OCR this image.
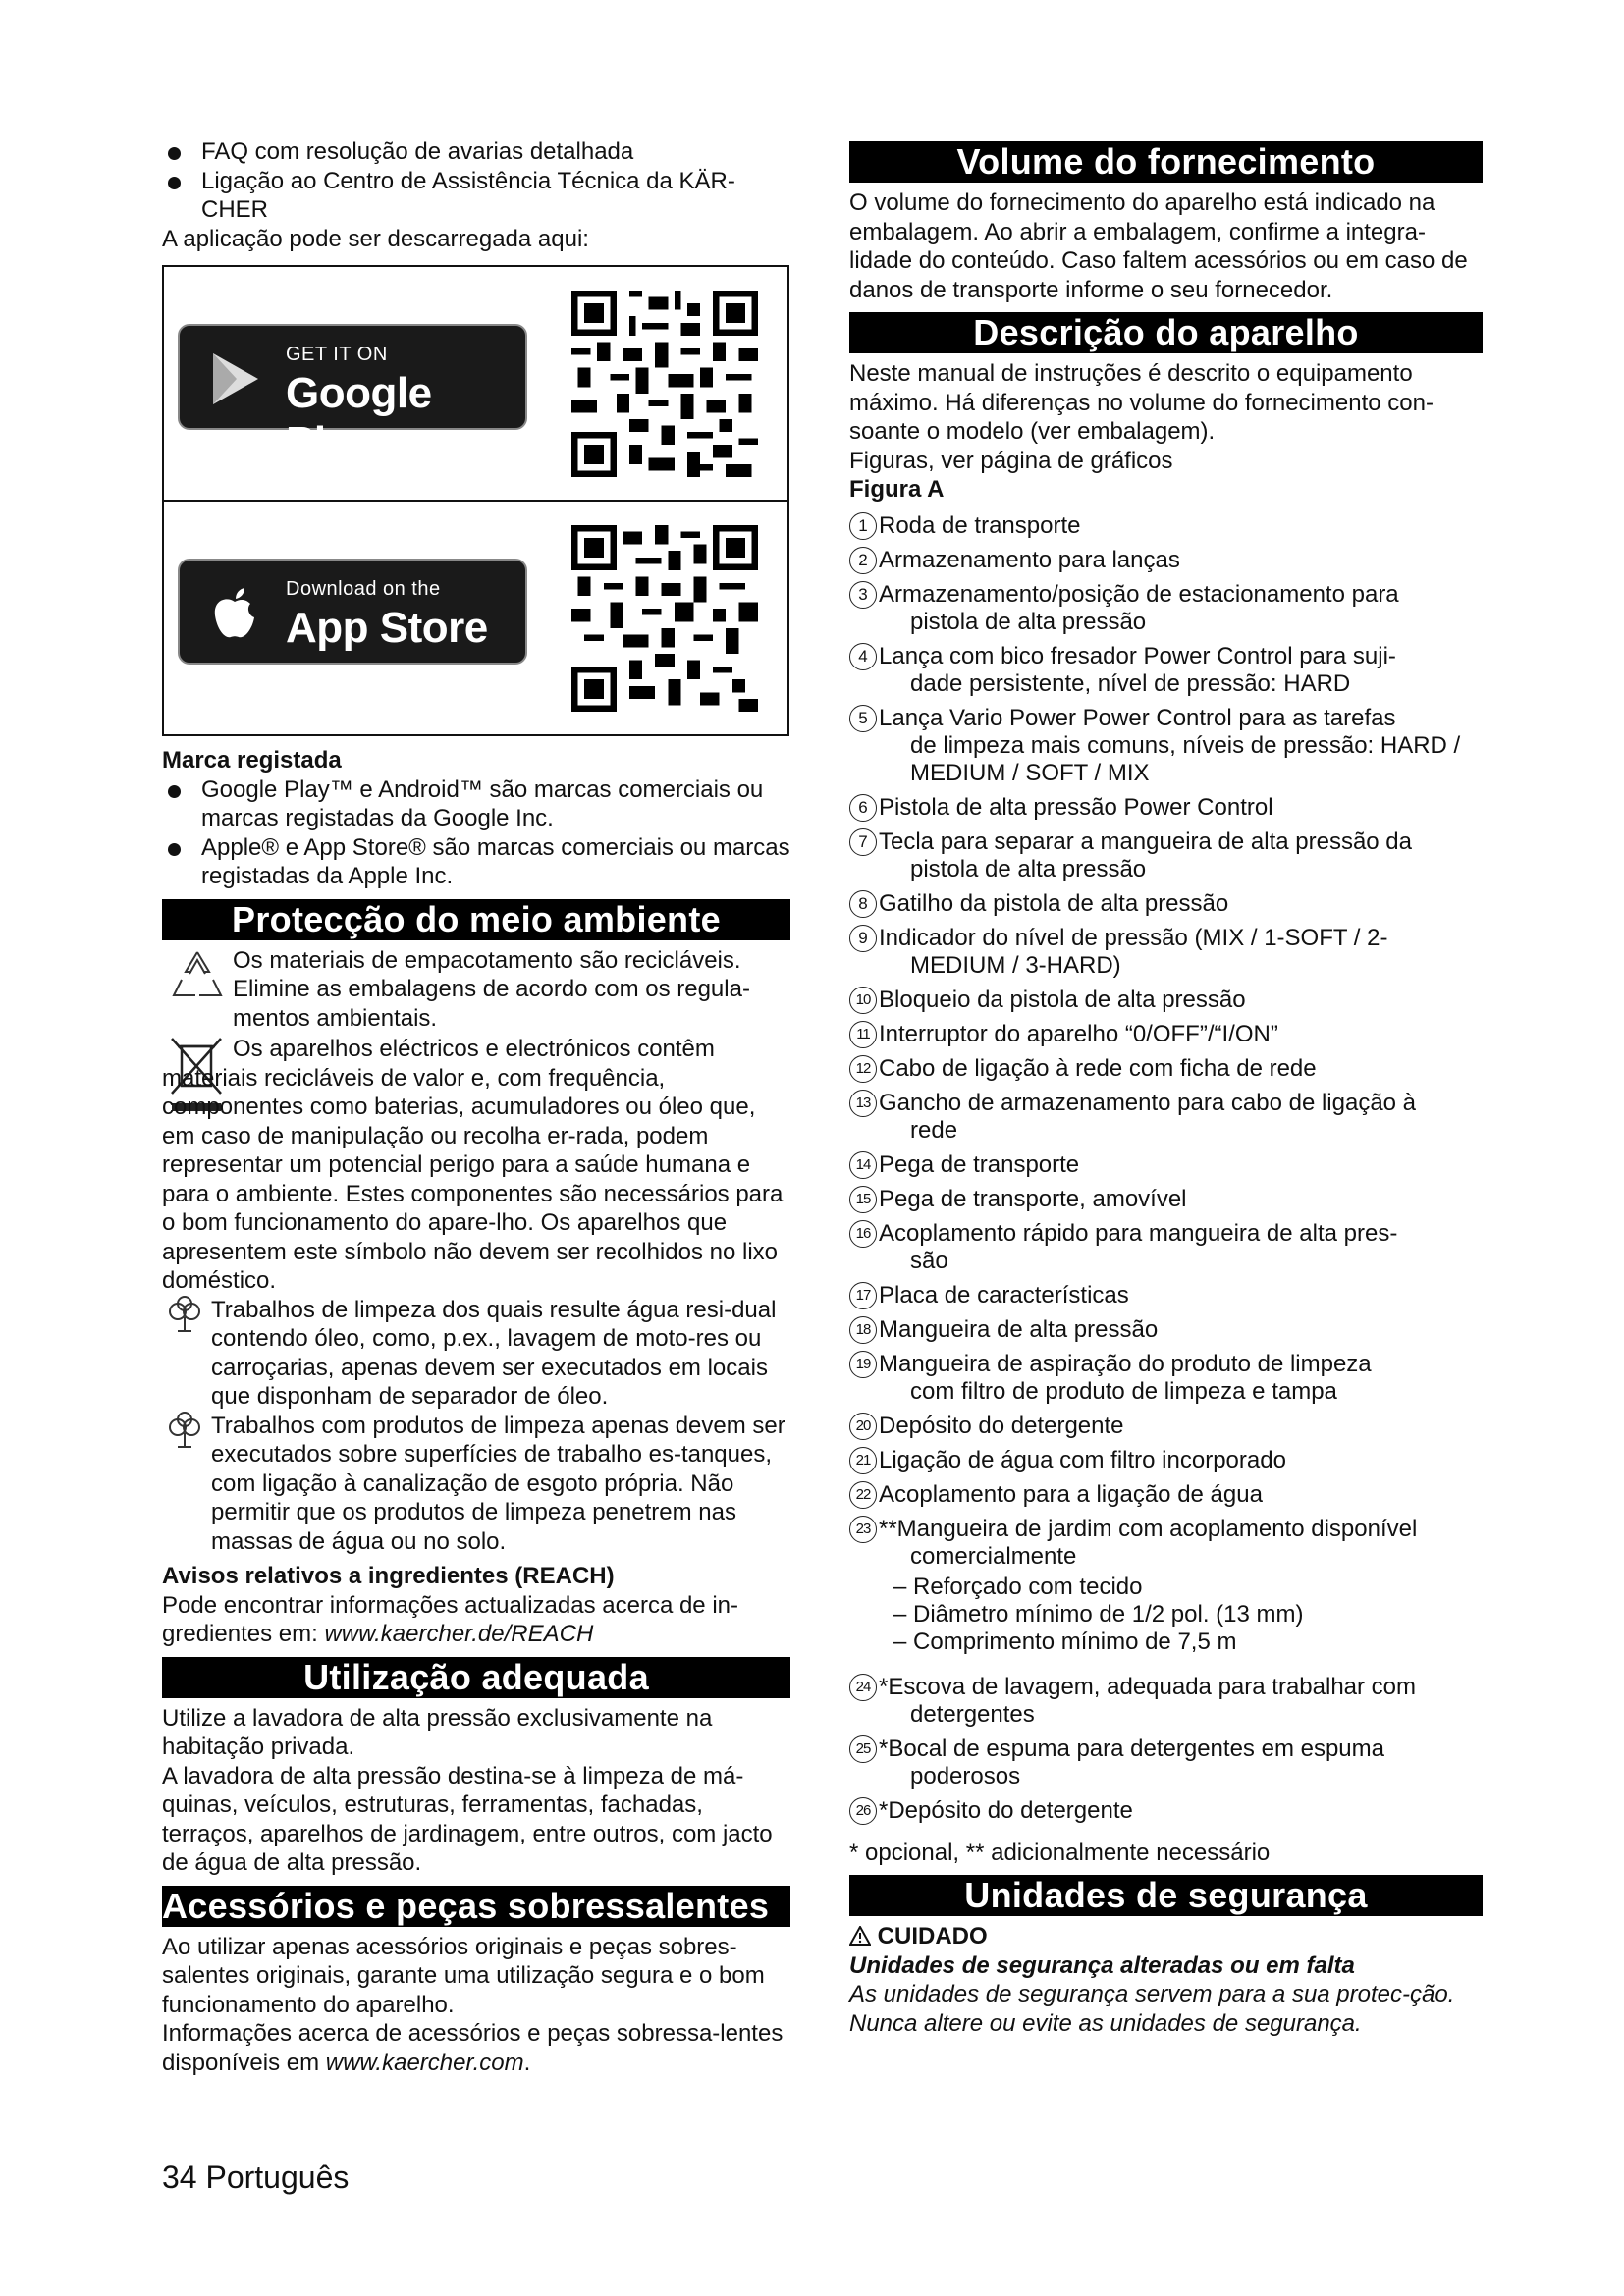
FAQ com resolução de avarias detalhada
Ligação ao Centro de Assistência Técnica da KÄR-CHER

A aplicação pode ser descarregada aqui:

GET IT ON
Google Play
Download on the
App Store

Marca registada

Google Play™ e Android™ são marcas comerciais ou marcas registadas da Google Inc.
Apple® e App Store® são marcas comerciais ou marcas registadas da Apple Inc.
Protecção do meio ambiente

Os materiais de empacotamento são recicláveis. Elimine as embalagens de acordo com os regula-mentos ambientais.

Os aparelhos eléctricos e electrónicos contêm materiais recicláveis de valor e, com frequência, componentes como baterias, acumuladores ou óleo que, em caso de manipulação ou recolha er-rada, podem representar um potencial perigo para a saúde humana e para o ambiente. Estes componentes são necessários para o bom funcionamento do apare-lho. Os aparelhos que apresentem este símbolo não devem ser recolhidos no lixo doméstico.

Trabalhos de limpeza dos quais resulte água resi-dual contendo óleo, como, p.ex., lavagem de moto-res ou carroçarias, apenas devem ser executados em locais que disponham de separador de óleo.

Trabalhos com produtos de limpeza apenas devem ser executados sobre superfícies de trabalho es-tanques, com ligação à canalização de esgoto própria. Não permitir que os produtos de limpeza penetrem nas massas de água ou no solo.

Avisos relativos a ingredientes (REACH)

Pode encontrar informações actualizadas acerca de in-gredientes em: www.kaercher.de/REACH

Utilização adequada

Utilize a lavadora de alta pressão exclusivamente na habitação privada.

A lavadora de alta pressão destina-se à limpeza de má-quinas, veículos, estruturas, ferramentas, fachadas, terraços, aparelhos de jardinagem, entre outros, com jacto de água de alta pressão.

Acessórios e peças sobressalentes

Ao utilizar apenas acessórios originais e peças sobres-salentes originais, garante uma utilização segura e o bom funcionamento do aparelho.

Informações acerca de acessórios e peças sobressa-lentes disponíveis em www.kaercher.com.

Volume do fornecimento

O volume do fornecimento do aparelho está indicado na embalagem. Ao abrir a embalagem, confirme a integra-lidade do conteúdo. Caso faltem acessórios ou em caso de danos de transporte informe o seu fornecedor.

Descrição do aparelho

Neste manual de instruções é descrito o equipamento máximo. Há diferenças no volume do fornecimento con-soante o modelo (ver embalagem).

Figuras, ver página de gráficos

Figura A

1 Roda de transporte
2 Armazenamento para lanças
3 Armazenamento/posição de estacionamento para
pistola de alta pressão
4 Lança com bico fresador Power Control para suji-
dade persistente, nível de pressão: HARD
5 Lança Vario Power Power Control para as tarefas
de limpeza mais comuns, níveis de pressão: HARD / MEDIUM / SOFT / MIX
6 Pistola de alta pressão Power Control
7 Tecla para separar a mangueira de alta pressão da
pistola de alta pressão
8 Gatilho da pistola de alta pressão
9 Indicador do nível de pressão (MIX / 1-SOFT / 2-
MEDIUM / 3-HARD)
10 Bloqueio da pistola de alta pressão
11 Interruptor do aparelho “0/OFF”/“I/ON”
12 Cabo de ligação à rede com ficha de rede
13 Gancho de armazenamento para cabo de ligação à
rede
14 Pega de transporte
15 Pega de transporte, amovível
16 Acoplamento rápido para mangueira de alta pres-
são
17 Placa de características
18 Mangueira de alta pressão
19 Mangueira de aspiração do produto de limpeza
com filtro de produto de limpeza e tampa
20 Depósito do detergente
21 Ligação de água com filtro incorporado
22 Acoplamento para a ligação de água
23 **Mangueira de jardim com acoplamento disponível
comercialmente
– Reforçado com tecido
– Diâmetro mínimo de 1/2 pol. (13 mm)
– Comprimento mínimo de 7,5 m
24 *Escova de lavagem, adequada para trabalhar com
detergentes
25 *Bocal de espuma para detergentes em espuma
poderosos
26 *Depósito do detergente

* opcional, ** adicionalmente necessário

Unidades de segurança

CUIDADO

Unidades de segurança alteradas ou em falta

As unidades de segurança servem para a sua protec-ção.

Nunca altere ou evite as unidades de segurança.

34 Português
